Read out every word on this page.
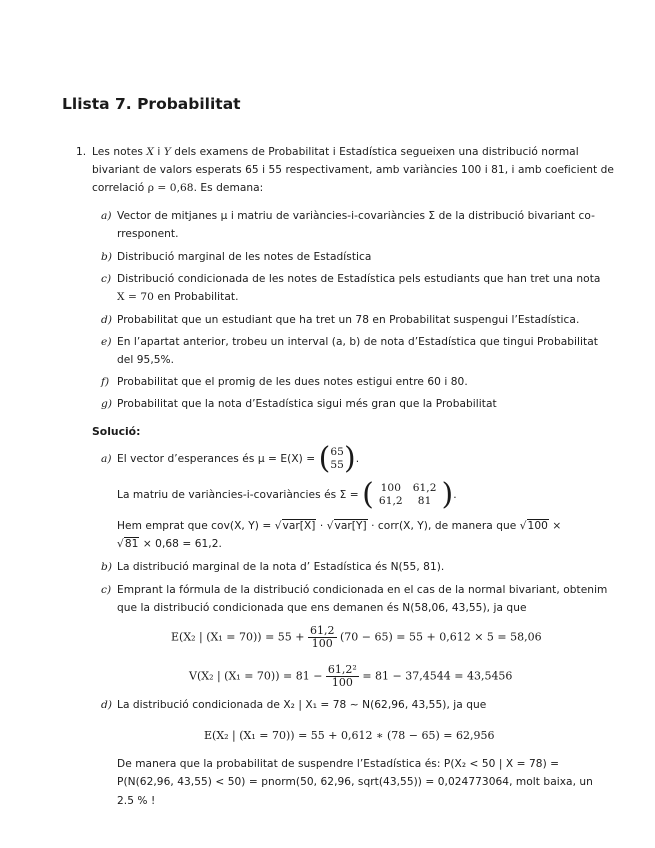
Llista 7. Probabilitat
1. Les notes X i Y dels examens de Probabilitat i Estadística segueixen una distribució normal
bivariant de valors esperats 65 i 55 respectivament, amb variàncies 100 i 81, i amb coeficient de
correlació ρ = 0,68. Es demana:
a) Vector de mitjanes μ i matriu de variàncies-i-covariàncies Σ de la distribució bivariant co-
rresponent.
b) Distribució marginal de les notes de Estadística
c) Distribució condicionada de les notes de Estadística pels estudiants que han tret una nota
X = 70 en Probabilitat.
d) Probabilitat que un estudiant que ha tret un 78 en Probabilitat suspengui l’Estadística.
e) En l’apartat anterior, trobeu un interval (a, b) de nota d’Estadística que tingui Probabilitat
del 95,5%.
f) Probabilitat que el promig de les dues notes estigui entre 60 i 80.
g) Probabilitat que la nota d’Estadística sigui més gran que la Probabilitat
Solució:
a) El vector d’esperances és μ = E(X) = ( 65
55 ).
La matriu de variàncies-i-covariàncies és Σ = ( 100	61,2
61,2	81 ).
Hem emprat que cov(X, Y) = √var[X] · √var[Y] · corr(X, Y), de manera que √100 ×
√81 × 0,68 = 61,2.
b) La distribució marginal de la nota d’ Estadística és N(55, 81).
c) Emprant la fórmula de la distribució condicionada en el cas de la normal bivariant, obtenim
que la distribució condicionada que ens demanen és N(58,06, 43,55), ja que
E(X₂ | $(X_1 = 70)) = 55 + \frac{61,2}{100} (70 - 65) = 55 + 0,612 \times 5 = 58,06$
V(X₂ | $(X_1 = 70)) = 81 - \frac{\text{61,2²}}{100} = 81 - 37,4544 = 43,5456$
d) La distribució condicionada de X₂ | X₁ = 78 ∼ N(62,96, 43,55), ja que
E(X₂ | (X₁ = 70)) = 55 + 0,612 ∗ (78 − 65) = 62,956
De manera que la probabilitat de suspendre l’Estadística és: P(X₂ < 50 | X = 78) =
P(N(62,96, 43,55) < 50) = pnorm(50, 62,96, sqrt(43,55)) = 0,024773064, molt baixa, un
2.5 % !
